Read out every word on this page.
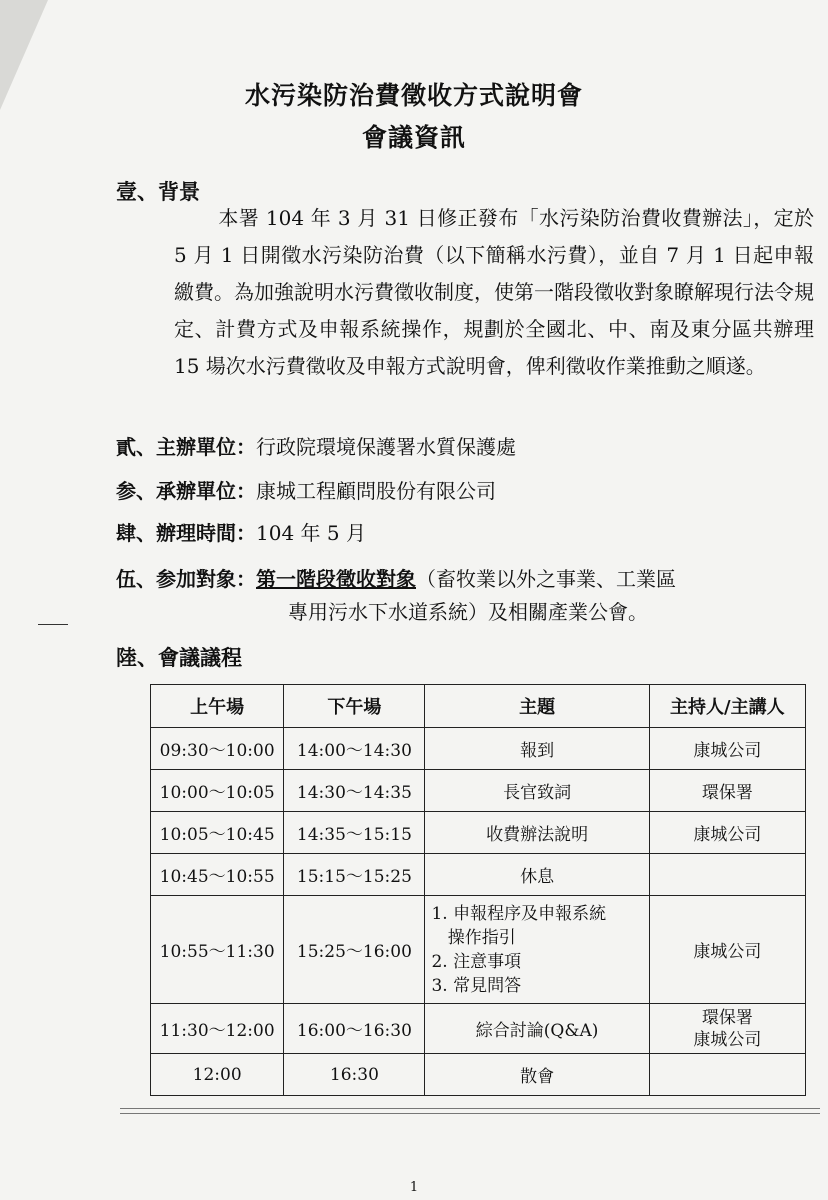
水污染防治費徵收方式說明會
會議資訊
壹、背景
本署 104 年 3 月 31 日修正發布「水污染防治費收費辦法」，定於 5 月 1 日開徵水污染防治費（以下簡稱水污費），並自 7 月 1 日起申報繳費。為加強說明水污費徵收制度，使第一階段徵收對象瞭解現行法令規定、計費方式及申報系統操作，規劃於全國北、中、南及東分區共辦理 15 場次水污費徵收及申報方式說明會，俾利徵收作業推動之順遂。
貳、主辦單位：行政院環境保護署水質保護處
参、承辦單位：康城工程顧問股份有限公司
肆、辦理時間：104 年 5 月
伍、参加對象：第一階段徵收對象（畜牧業以外之事業、工業區
專用污水下水道系統）及相關產業公會。
陸、會議議程
上午場	下午場	主題	主持人/主講人
09:30～10:00	14:00～14:30	報到	康城公司
10:00～10:05	14:30～14:35	長官致詞	環保署
10:05～10:45	14:35～15:15	收費辦法說明	康城公司
10:45～10:55	15:15～15:25	休息	
10:55～11:30	15:25～16:00	1. 申報程序及申報系統
操作指引
2. 注意事項
3. 常見問答	康城公司
11:30～12:00	16:00～16:30	綜合討論(Q&A)	環保署
康城公司

12:00	16:30	散會	
1
